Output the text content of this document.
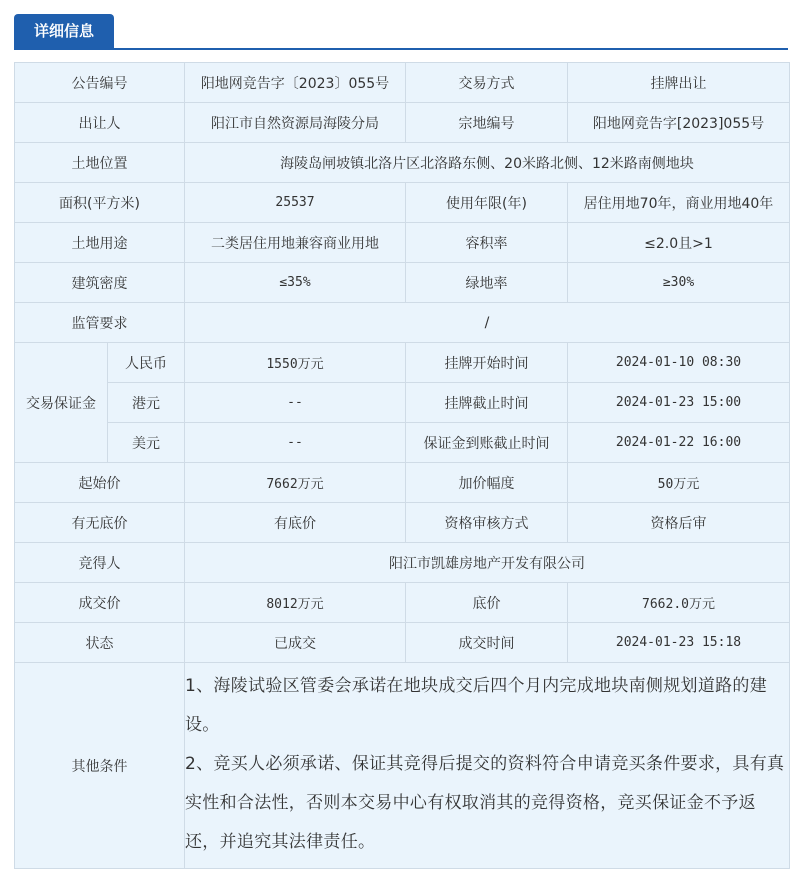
详细信息
公告编号		阳地网竞告字〔2023〕055号	交易方式	挂牌出让
出让人		阳江市自然资源局海陵分局	宗地编号	阳地网竞告字[2023]055号
土地位置		海陵岛闸坡镇北洛片区北洛路东侧、20米路北侧、12米路南侧地块		
面积(平方米)		25537	使用年限(年)	居住用地70年，商业用地40年
土地用途		二类居住用地兼容商业用地	容积率	≤2.0且>1
建筑密度		≤35%	绿地率	≥30%
监管要求		/		
交易保证金	人民币	1550万元	挂牌开始时间	2024-01-10 08:30
	港元	--	挂牌截止时间	2024-01-23 15:00
	美元	--	保证金到账截止时间	2024-01-22 16:00
起始价		7662万元	加价幅度	50万元
有无底价		有底价	资格审核方式	资格后审
竞得人		阳江市凯雄房地产开发有限公司		
成交价		8012万元	底价	7662.0万元
状态		已成交	成交时间	2024-01-23 15:18
其他条件		1、海陵试验区管委会承诺在地块成交后四个月内完成地块南侧规划道路的建设。

2、竞买人必须承诺、保证其竞得后提交的资料符合申请竞买条件要求，具有真实性和合法性，否则本交易中心有权取消其的竞得资格，竞买保证金不予返还，并追究其法律责任。		
